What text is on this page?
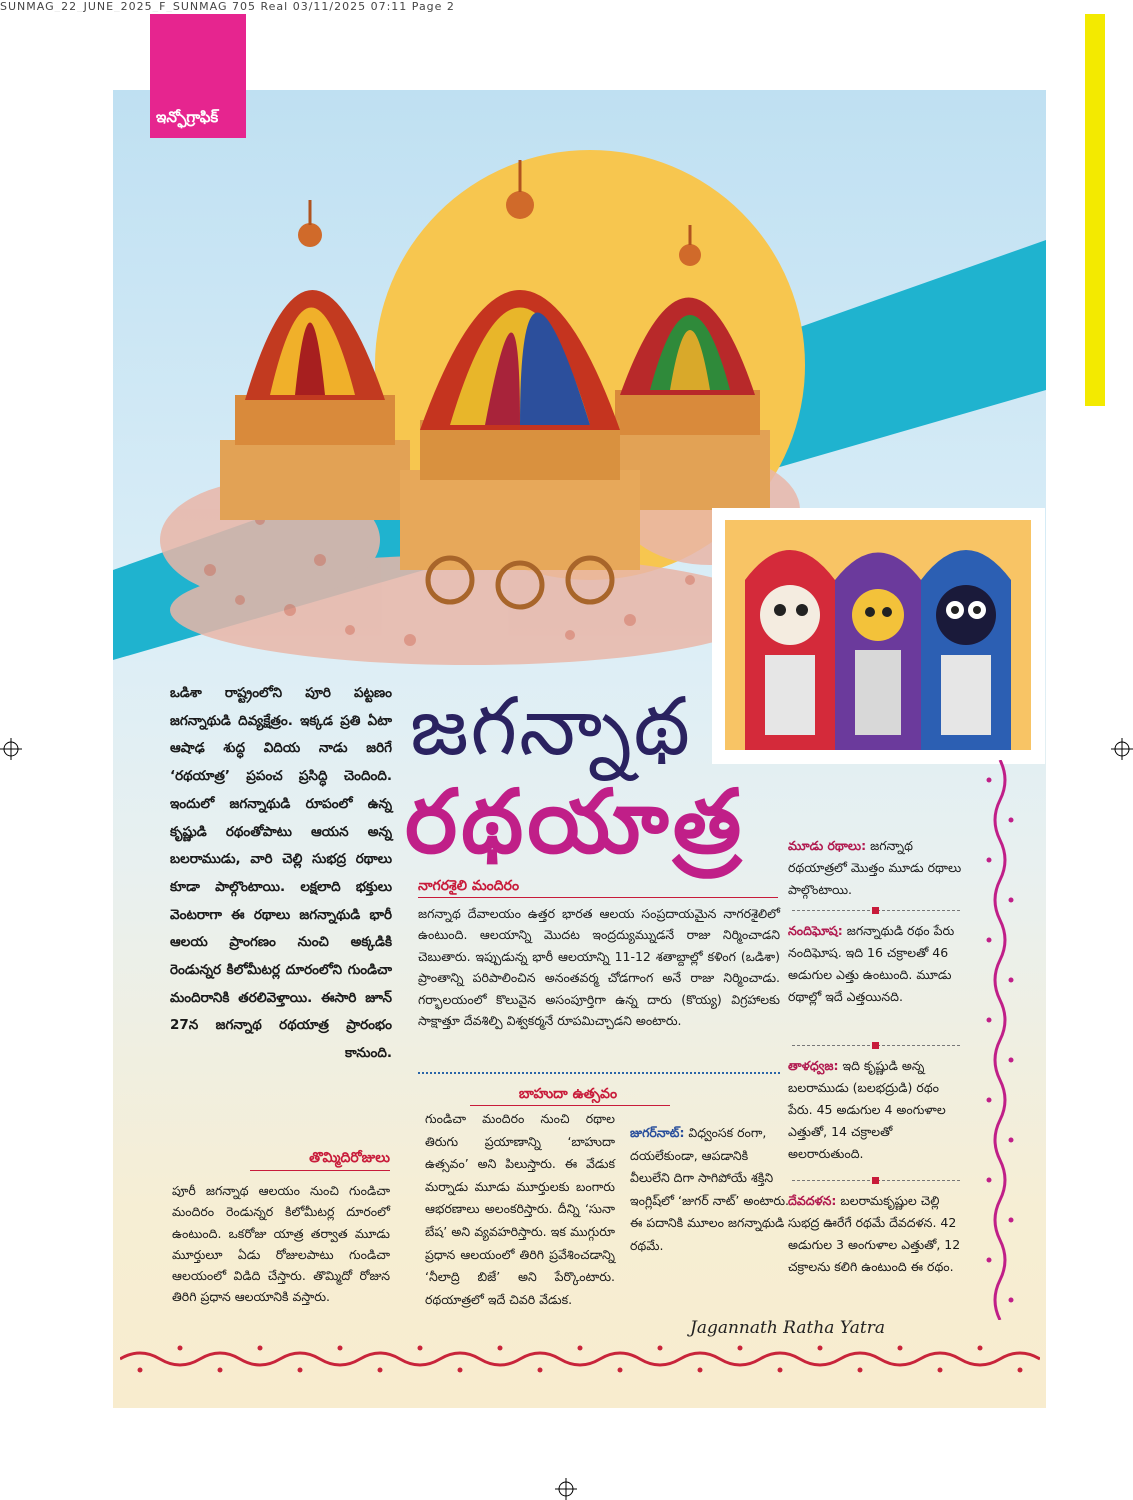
SUNMAG_22_JUNE_2025_F_SUNMAG 705 Real 03/11/2025 07:11 Page 2
ఇన్ఫోగ్రాఫిక్

ఒడిశా రాష్ట్రంలోని పూరి పట్టణం జగన్నాథుడి దివ్యక్షేత్రం. ఇక్కడ ప్రతి ఏటా ఆషాఢ శుద్ధ విదియ నాడు జరిగే ‘రథయాత్ర’ ప్రపంచ ప్రసిద్ధి చెందింది. ఇందులో జగన్నాథుడి రూపంలో ఉన్న కృష్ణుడి రథంతోపాటు ఆయన అన్న బలరాముడు, వారి చెల్లి సుభద్ర రథాలు కూడా పాల్గొంటాయి. లక్షలాది భక్తులు వెంటరాగా ఈ రథాలు జగన్నాథుడి భారీ ఆలయ ప్రాంగణం నుంచి అక్కడికి రెండున్నర కిలోమీటర్ల దూరంలోని గుండిచా మందిరానికి తరలివెళ్తాయి. ఈసారి జూన్ 27న జగన్నాథ రథయాత్ర ప్రారంభం కానుంది.

తొమ్మిదిరోజులు
పూరీ జగన్నాథ ఆలయం నుంచి గుండిచా మందిరం రెండున్నర కిలోమీటర్ల దూరంలో ఉంటుంది. ఒకరోజు యాత్ర తర్వాత మూడు మూర్తులూ ఏడు రోజులపాటు గుండిచా ఆలయంలో విడిది చేస్తారు. తొమ్మిదో రోజున తిరిగి ప్రధాన ఆలయానికి వస్తారు.
జగన్నాథ
రథయాత్ర
నాగరశైలి మందిరం
జగన్నాథ దేవాలయం ఉత్తర భారత ఆలయ సంప్రదాయమైన నాగరశైలిలో ఉంటుంది. ఆలయాన్ని మొదట ఇంద్రద్యుమ్నుడనే రాజు నిర్మించాడని చెబుతారు. ఇప్పుడున్న భారీ ఆలయాన్ని 11-12 శతాబ్దాల్లో కళింగ (ఒడిశా) ప్రాంతాన్ని పరిపాలించిన అనంతవర్మ చోడగాంగ అనే రాజు నిర్మించాడు. గర్భాలయంలో కొలువైన అసంపూర్తిగా ఉన్న దారు (కొయ్య) విగ్రహాలకు సాక్షాత్తూ దేవశిల్పి విశ్వకర్మనే రూపమిచ్చాడని అంటారు.
బాహుదా ఉత్సవం
గుండిచా మందిరం నుంచి రథాల తిరుగు ప్రయాణాన్ని ‘బాహుదా ఉత్సవం’ అని పిలుస్తారు. ఈ వేడుక మర్నాడు మూడు మూర్తులకు బంగారు ఆభరణాలు అలంకరిస్తారు. దీన్ని ‘సునా బేష’ అని వ్యవహరిస్తారు. ఇక ముగ్గురూ ప్రధాన ఆలయంలో తిరిగి ప్రవేశించడాన్ని ‘నీలాద్రి బిజే’ అని పేర్కొంటారు. రథయాత్రలో ఇదే చివరి వేడుక.
జుగర్‌నాట్: విధ్వంసక రంగా, దయలేకుండా, ఆపడానికి వీలులేని దిగా సాగిపోయే శక్తిని ఇంగ్లిష్‌లో ‘జుగర్ నాట్’ అంటారు. ఈ పదానికి మూలం జగన్నాథుడి రథమే.
మూడు రథాలు: జగన్నాథ రథయాత్రలో మొత్తం మూడు రథాలు పాల్గొంటాయి.
నందిఘోష: జగన్నాథుడి రథం పేరు నందిఘోష. ఇది 16 చక్రాలతో 46 అడుగుల ఎత్తు ఉంటుంది. మూడు రథాల్లో ఇదే ఎత్తయినది.
తాళధ్వజ: ఇది కృష్ణుడి అన్న బలరాముడు (బలభద్రుడి) రథం పేరు. 45 అడుగుల 4 అంగుళాల ఎత్తుతో, 14 చక్రాలతో అలరారుతుంది.
దేవదళన: బలరామకృష్ణుల చెల్లి సుభద్ర ఊరేగే రథమే దేవదళన. 42 అడుగుల 3 అంగుళాల ఎత్తుతో, 12 చక్రాలను కలిగి ఉంటుంది ఈ రథం.
Jagannath Ratha Yatra
